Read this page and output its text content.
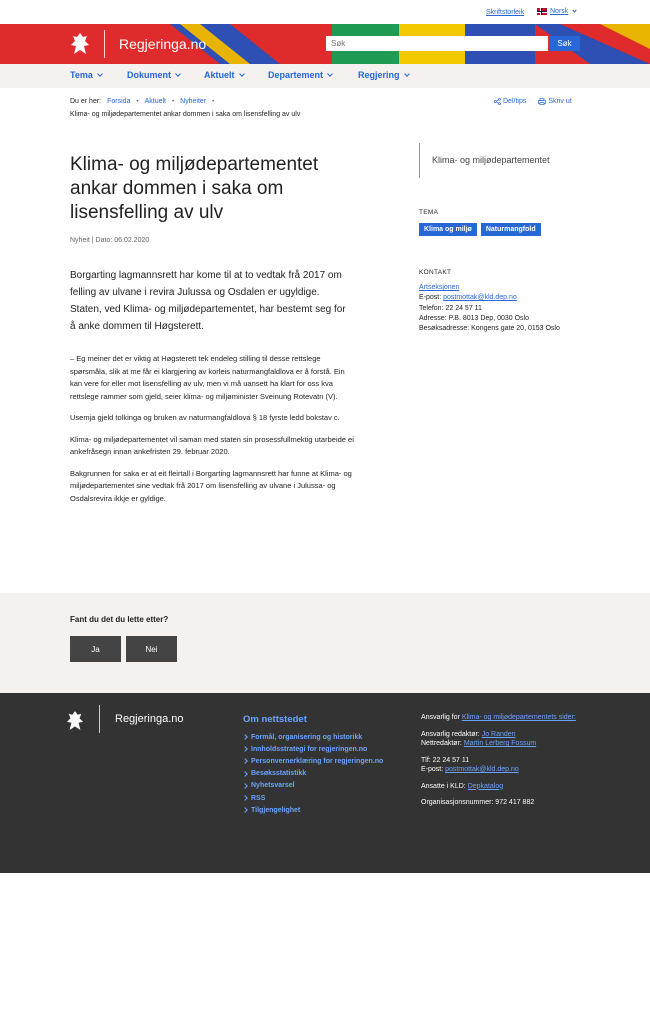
Skriftstorleik	Norsk
Regjeringa.no
Søk	Søk
Tema	Dokument	Aktuelt	Departement	Regjering
Du er her: Forsida • Aktuelt • Nyheiter •
Klima- og miljødepartementet ankar dommen i saka om lisensfelling av ulv
Del/tips	Skriv ut
Klima- og miljødepartementet ankar dommen i saka om lisensfelling av ulv
Nyheit | Dato: 06.02.2020
Borgarting lagmannsrett har kome til at to vedtak frå 2017 om felling av ulvane i revira Julussa og Osdalen er ugyldige. Staten, ved Klima- og miljødepartementet, har bestemt seg for å anke dommen til Høgsterett.

– Eg meiner det er viktig at Høgsterett tek endeleg stilling til desse rettslege spørsmåla, slik at me får ei klargjering av korleis naturmangfaldlova er å forstå. Ein kan vere for eller mot lisensfelling av ulv, men vi må uansett ha klart for oss kva rettslege rammer som gjeld, seier klima- og miljøminister Sveinung Rotevatn (V).

Usemja gjeld tolkinga og bruken av naturmangfaldlova § 18 fyrste ledd bokstav c.

Klima- og miljødepartementet vil saman med staten sin prosessfullmektig utarbeide ei ankefråsegn innan ankefristen 29. februar 2020.

Bakgrunnen for saka er at eit fleirtall i Borgarting lagmannsrett har funne at Klima- og miljødepartementet sine vedtak frå 2017 om lisensfelling av ulvane i Julussa- og Osdalsrevira ikkje er gyldige.

Klima- og miljødepartementet
TEMA
Klima og miljø	Naturmangfold
KONTAKT
Artseksjonen
E-post: postmottak@kld.dep.no
Telefon: 22 24 57 11
Adresse: P.B. 8013 Dep, 0030 Oslo
Besøksadresse: Kongens gate 20, 0153 Oslo
Fant du det du lette etter?
Ja	Nei
Regjeringa.no	Om nettstedet
Formål, organisering og historikk
Innholdsstrategi for regjeringen.no
Personvernerklæring for regjeringen.no
Besøksstatistikk
Nyhetsvarsel
RSS
Tilgjengelighet
Ansvarlig for Klima- og miljødepartementets sider:
Ansvarlig redaktør: Jo Randen
Nettredaktør: Martin Lerberg Fossum
Tlf: 22 24 57 11
E-post: postmottak@kld.dep.no
Ansatte i KLD: Depkatalog
Organisasjonsnummer: 972 417 882
